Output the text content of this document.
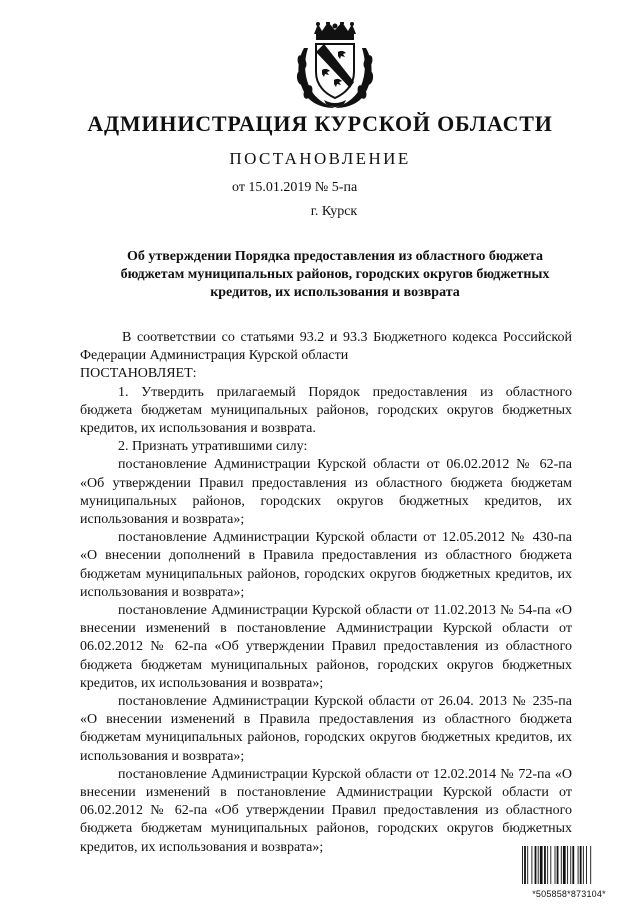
АДМИНИСТРАЦИЯ КУРСКОЙ ОБЛАСТИ
ПОСТАНОВЛЕНИЕ
от 15.01.2019 № 5-па
г. Курск
Об утверждении Порядка предоставления из областного бюджета бюджетам муниципальных районов, городских округов бюджетных кредитов, их использования и возврата

В соответствии со статьями 93.2 и 93.3 Бюджетного кодекса Российской Федерации Администрация Курской области

ПОСТАНОВЛЯЕТ:

1. Утвердить прилагаемый Порядок предоставления из областного бюджета бюджетам муниципальных районов, городских округов бюджетных кредитов, их использования и возврата.

2. Признать утратившими силу:

постановление Администрации Курской области от 06.02.2012 № 62-па «Об утверждении Правил предоставления из областного бюджета бюджетам муниципальных районов, городских округов бюджетных кредитов, их использования и возврата»;

постановление Администрации Курской области от 12.05.2012 № 430-па «О внесении дополнений в Правила предоставления из областного бюджета бюджетам муниципальных районов, городских округов бюджетных кредитов, их использования и возврата»;

постановление Администрации Курской области от 11.02.2013 № 54-па «О внесении изменений в постановление Администрации Курской области от 06.02.2012 № 62-па «Об утверждении Правил предоставления из областного бюджета бюджетам муниципальных районов, городских округов бюджетных кредитов, их использования и возврата»;

постановление Администрации Курской области от 26.04. 2013 № 235-па «О внесении изменений в Правила предоставления из областного бюджета бюджетам муниципальных районов, городских округов бюджетных кредитов, их использования и возврата»;

постановление Администрации Курской области от 12.02.2014 № 72-па «О внесении изменений в постановление Администрации Курской области от 06.02.2012 № 62-па «Об утверждении Правил предоставления из областного бюджета бюджетам муниципальных районов, городских округов бюджетных кредитов, их использования и возврата»;

*505858*873104*
